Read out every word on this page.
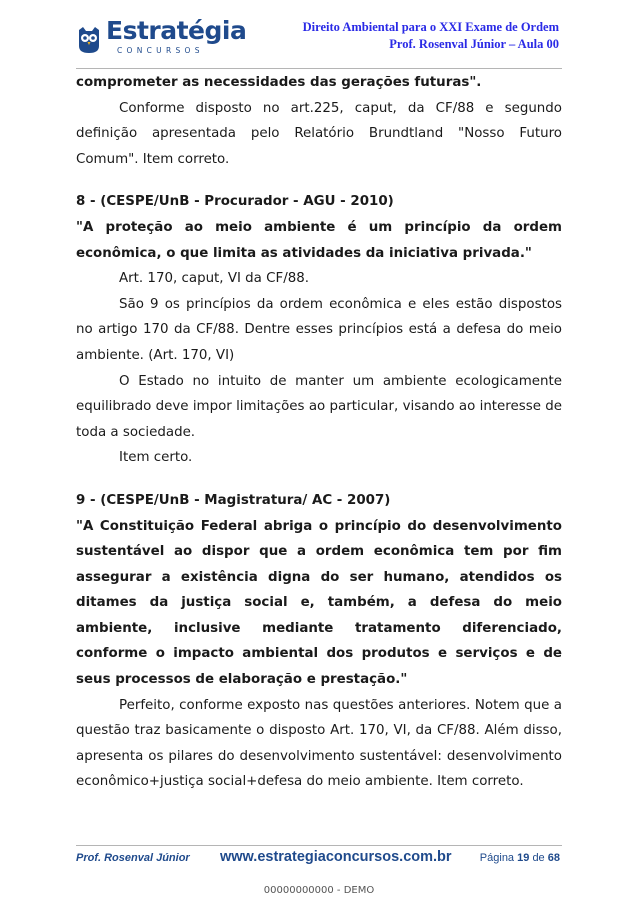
Estratégia
CONCURSOS
Direito Ambiental para o XXI Exame de Ordem
Prof. Rosenval Júnior – Aula 00

comprometer as necessidades das gerações futuras".

Conforme disposto no art.225, caput, da CF/88 e segundo definição apresentada pelo Relatório Brundtland "Nosso Futuro Comum". Item correto.

8 - (CESPE/UnB - Procurador - AGU - 2010)

"A proteção ao meio ambiente é um princípio da ordem econômica, o que limita as atividades da iniciativa privada."

Art. 170, caput, VI da CF/88.

São 9 os princípios da ordem econômica e eles estão dispostos no artigo 170 da CF/88. Dentre esses princípios está a defesa do meio ambiente. (Art. 170, VI)

O Estado no intuito de manter um ambiente ecologicamente equilibrado deve impor limitações ao particular, visando ao interesse de toda a sociedade.

Item certo.

9 - (CESPE/UnB - Magistratura/ AC - 2007)

"A Constituição Federal abriga o princípio do desenvolvimento sustentável ao dispor que a ordem econômica tem por fim assegurar a existência digna do ser humano, atendidos os ditames da justiça social e, também, a defesa do meio ambiente, inclusive mediante tratamento diferenciado, conforme o impacto ambiental dos produtos e serviços e de seus processos de elaboração e prestação."

Perfeito, conforme exposto nas questões anteriores. Notem que a questão traz basicamente o disposto Art. 170, VI, da CF/88. Além disso, apresenta os pilares do desenvolvimento sustentável: desenvolvimento econômico+justiça social+defesa do meio ambiente. Item correto.

Prof. Rosenval Júnior www.estrategiaconcursos.com.br	Página 19 de 68
00000000000 - DEMO
